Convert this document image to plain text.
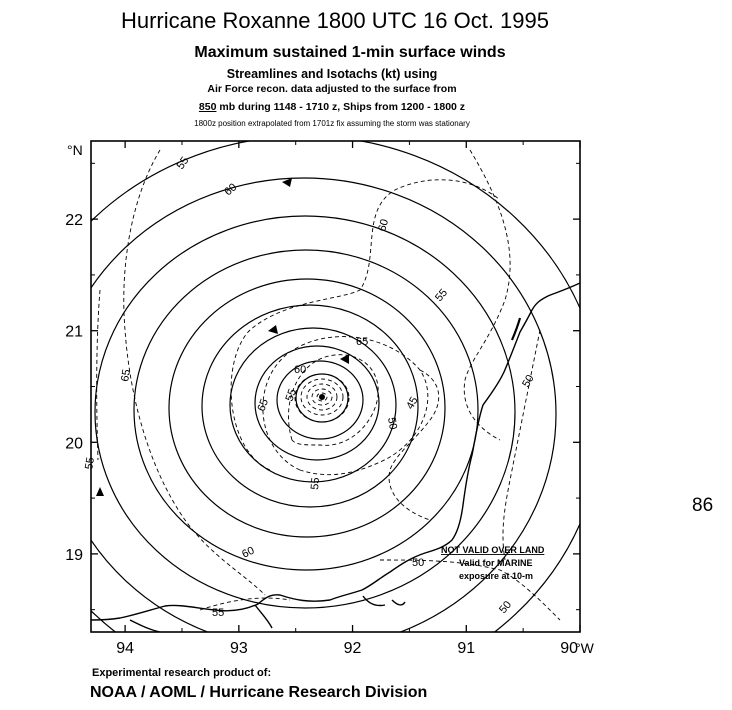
Hurricane Roxanne 1800 UTC 16 Oct. 1995
Maximum sustained 1-min surface winds
Streamlines and Isotachs (kt) using
Air Force recon. data adjusted to the surface from
850 mb during 1148 - 1710 z, Ships from 1200 - 1800 z
1800z position extrapolated from 1701z fix assuming the storm was stationary
55
60
60
55
65
60
65
55
50
45
50
65
55
55
60
50
50
55
NOT VALID OVER LAND
Valid for MARINE
exposure at 10-m
22
21
20
19
94	93	92	91	90
°N
°W
86
Experimental research product of:
NOAA / AOML / Hurricane Research Division
